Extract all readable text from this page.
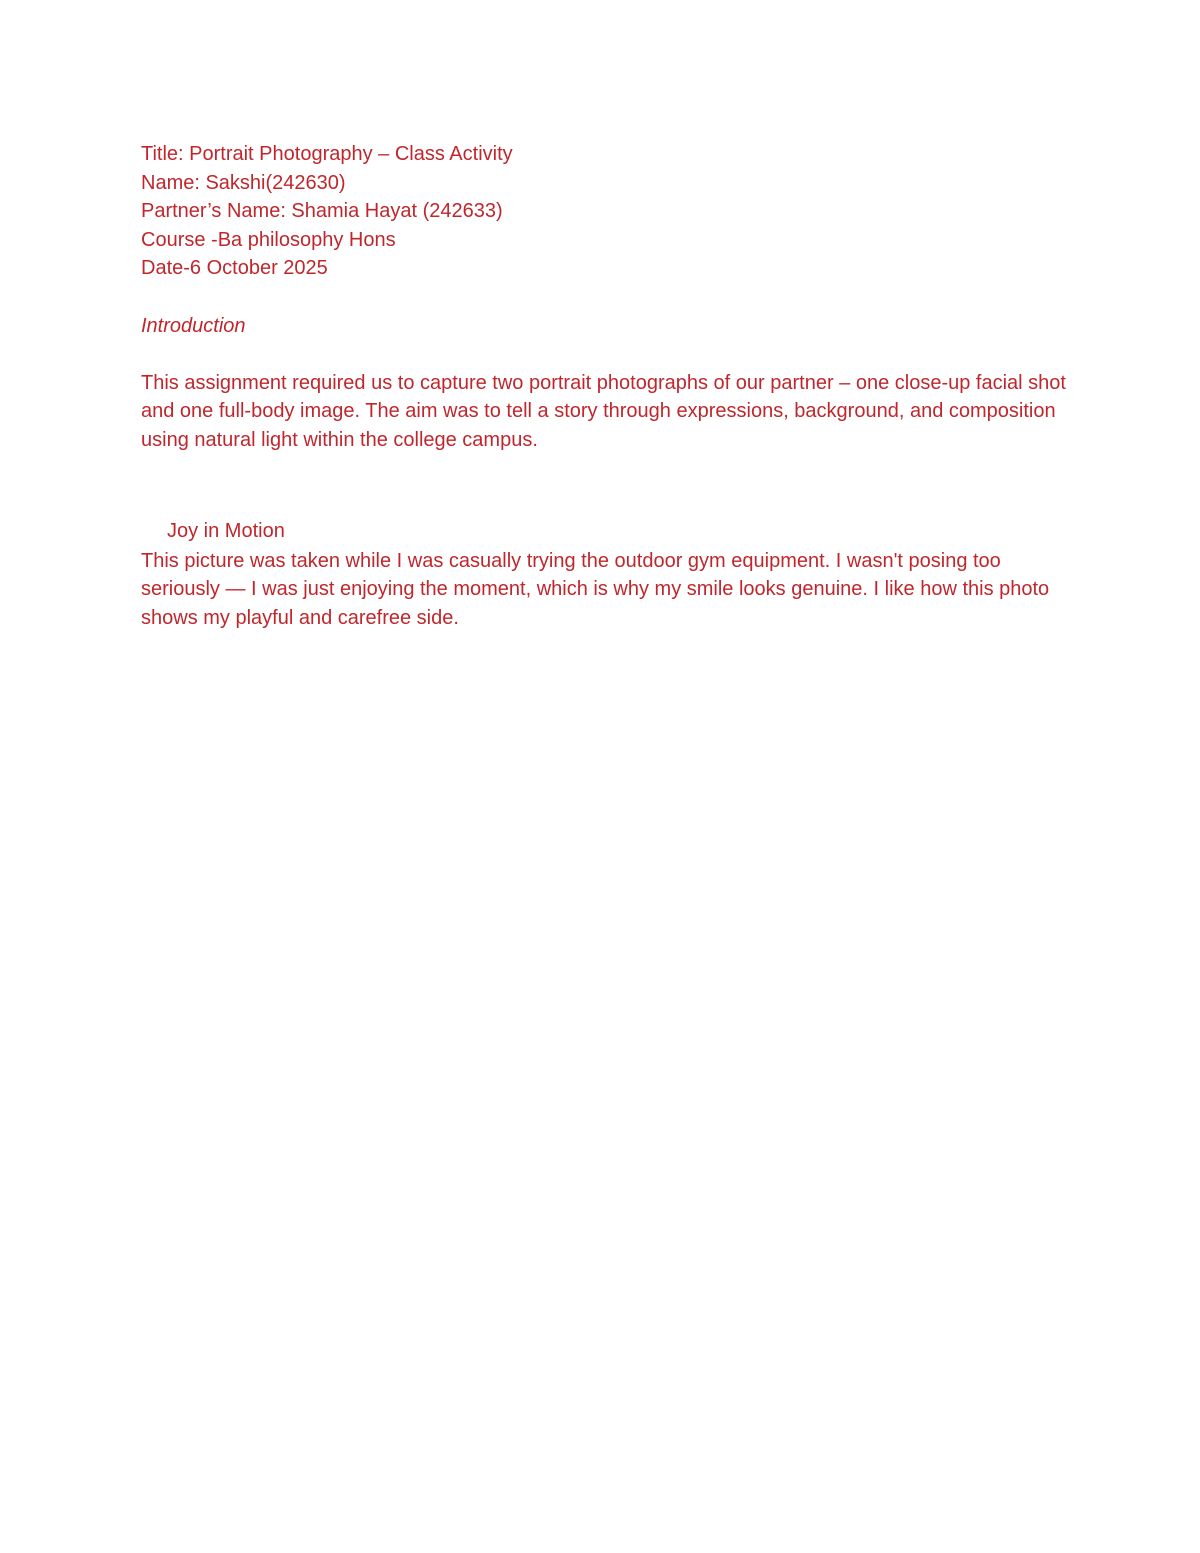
Title: Portrait Photography – Class Activity
Name: Sakshi(242630)
Partner’s Name: Shamia Hayat (242633)
Course -Ba philosophy Hons
Date-6 October 2025
Introduction

This assignment required us to capture two portrait photographs of our partner – one close-up facial shot and one full-body image. The aim was to tell a story through expressions, background, and composition using natural light within the college campus.

Joy in Motion

This picture was taken while I was casually trying the outdoor gym equipment. I wasn't posing too seriously — I was just enjoying the moment, which is why my smile looks genuine. I like how this photo shows my playful and carefree side.
